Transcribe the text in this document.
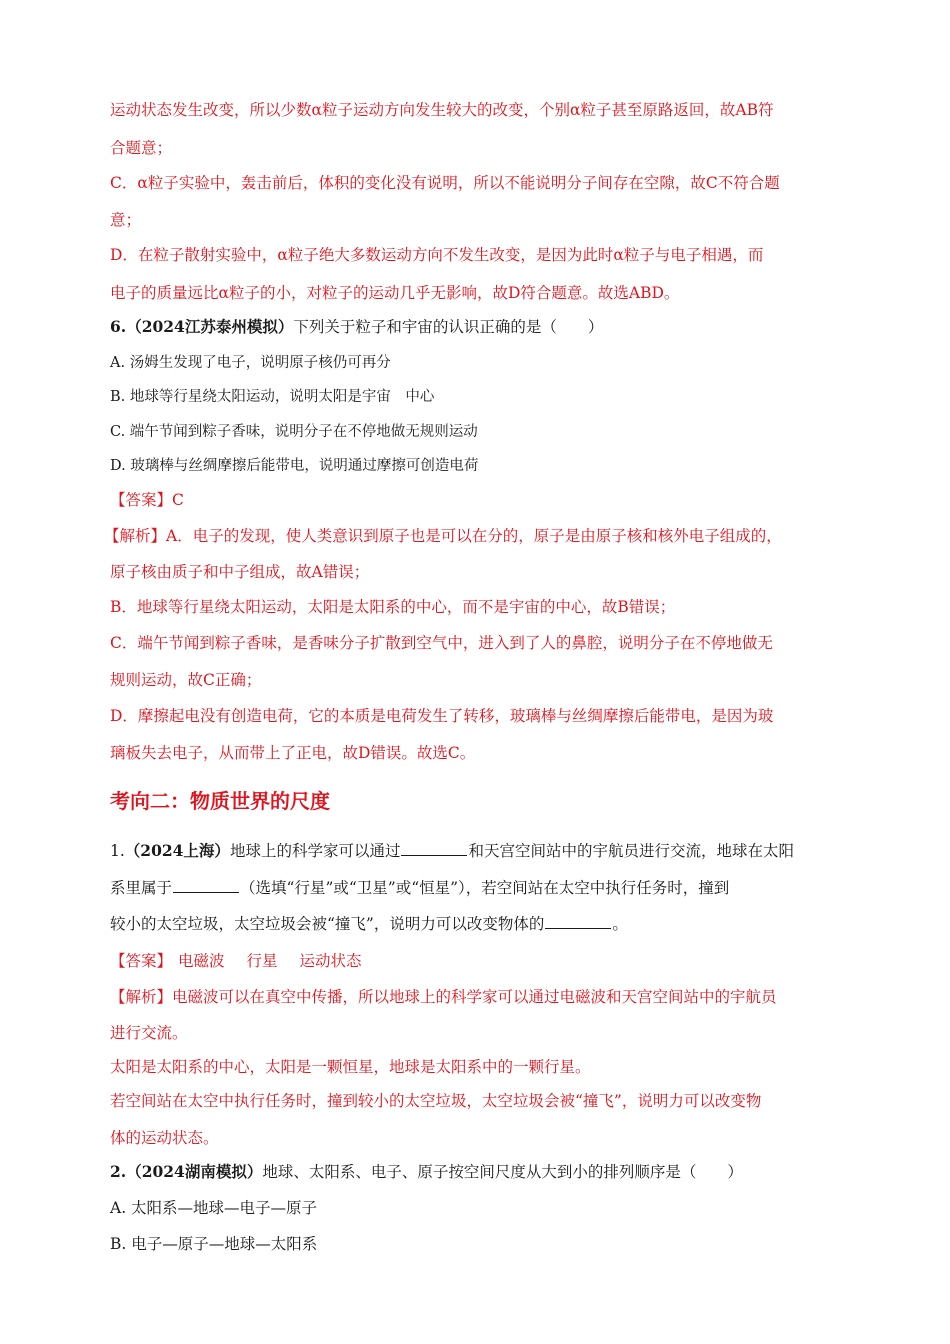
运动状态发生改变，所以少数α粒子运动方向发生较大的改变，个别α粒子甚至原路返回，故AB符
合题意；
C．α粒子实验中，轰击前后，体积的变化没有说明，所以不能说明分子间存在空隙，故C不符合题
意；
D．在粒子散射实验中，α粒子绝大多数运动方向不发生改变，是因为此时α粒子与电子相遇，而
电子的质量远比α粒子的小，对粒子的运动几乎无影响，故D符合题意。故选ABD。
6.（2024江苏泰州模拟）下列关于粒子和宇宙的认识正确的是（　　）
A. 汤姆生发现了电子，说明原子核仍可再分
B. 地球等行星绕太阳运动，说明太阳是宇宙　中心
C. 端午节闻到粽子香味，说明分子在不停地做无规则运动
D. 玻璃棒与丝绸摩擦后能带电，说明通过摩擦可创造电荷
【答案】C
【解析】A．电子的发现，使人类意识到原子也是可以在分的，原子是由原子核和核外电子组成的，
原子核由质子和中子组成，故A错误；
B．地球等行星绕太阳运动，太阳是太阳系的中心，而不是宇宙的中心，故B错误；
C．端午节闻到粽子香味，是香味分子扩散到空气中，进入到了人的鼻腔，说明分子在不停地做无
规则运动，故C正确；
D．摩擦起电没有创造电荷，它的本质是电荷发生了转移，玻璃棒与丝绸摩擦后能带电，是因为玻
璃板失去电子，从而带上了正电，故D错误。故选C。
考向二：物质世界的尺度
1.（2024上海）地球上的科学家可以通过	和天宫空间站中的宇航员进行交流，地球在太阳
系里属于	（选填“行星”或“卫星”或“恒星”），若空间站在太空中执行任务时，撞到
较小的太空垃圾，太空垃圾会被“撞飞”，说明力可以改变物体的	。
【答案】 电磁波 行星 运动状态
【解析】电磁波可以在真空中传播，所以地球上的科学家可以通过电磁波和天宫空间站中的宇航员
进行交流。
太阳是太阳系的中心，太阳是一颗恒星，地球是太阳系中的一颗行星。
若空间站在太空中执行任务时，撞到较小的太空垃圾，太空垃圾会被“撞飞”，说明力可以改变物
体的运动状态。
2.（2024湖南模拟）地球、太阳系、电子、原子按空间尺度从大到小的排列顺序是（　　）
A. 太阳系—地球—电子—原子
B. 电子—原子—地球—太阳系
